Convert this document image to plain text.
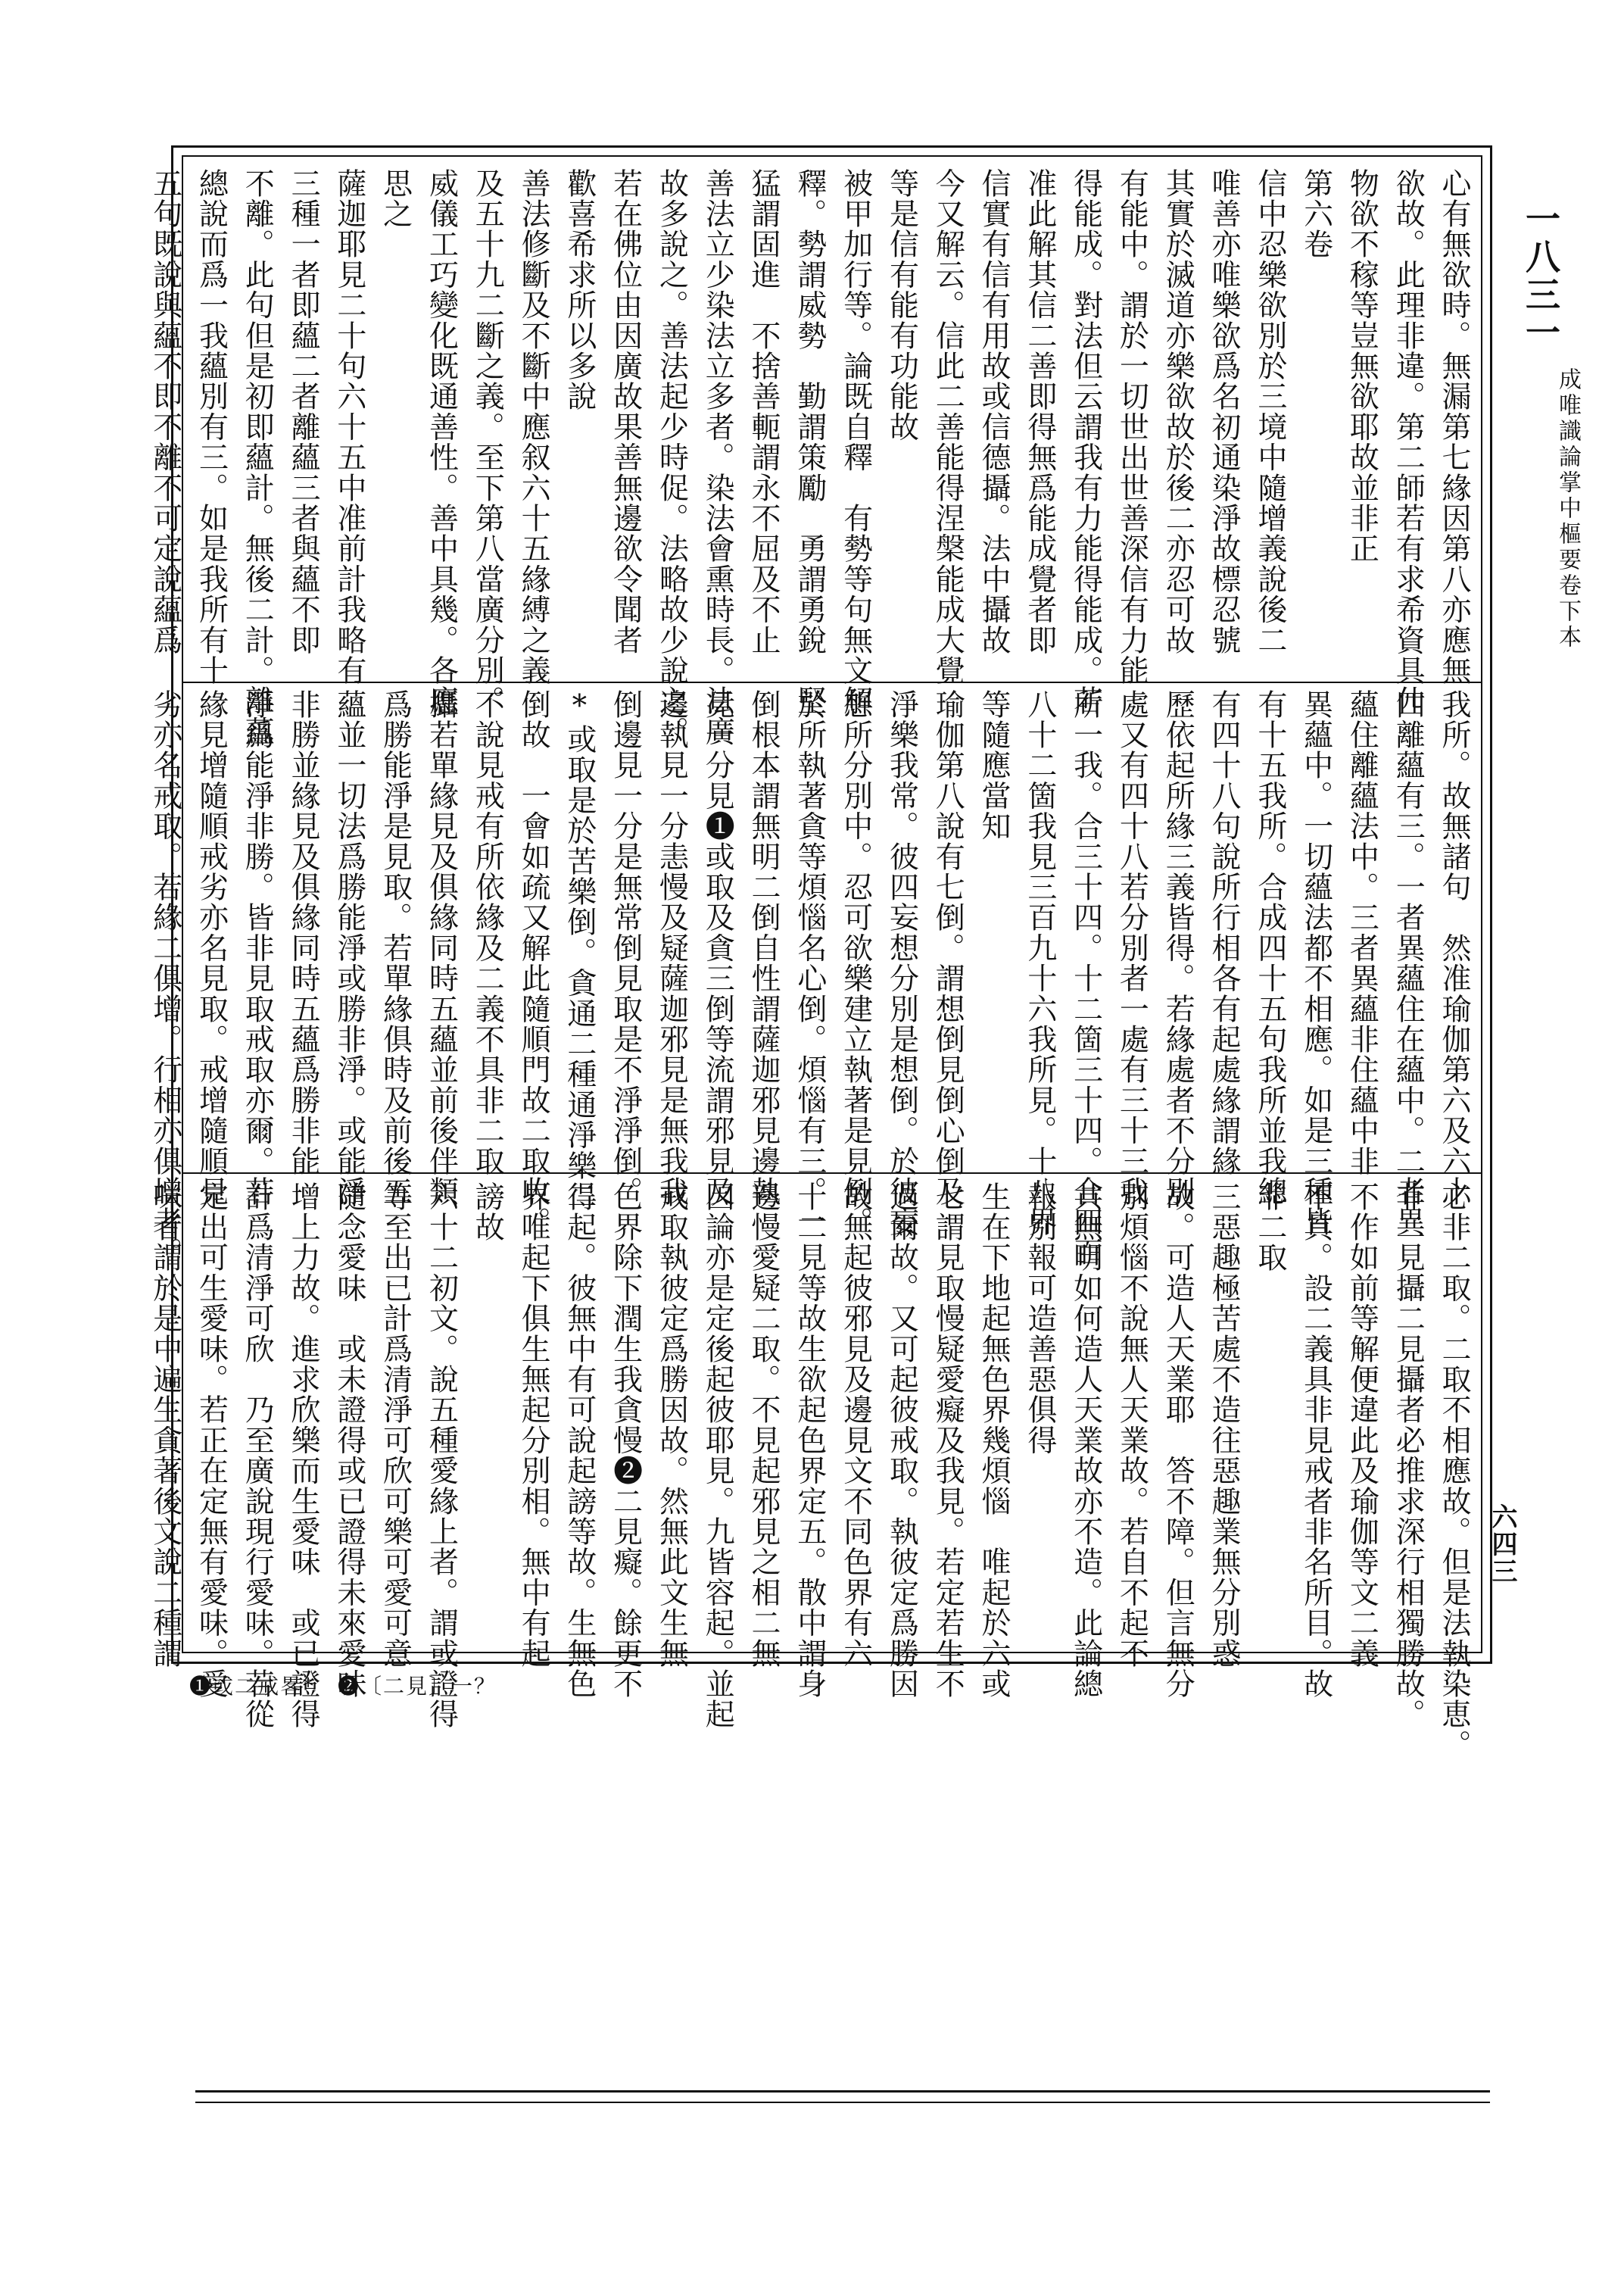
一八三一
成唯識論掌中樞要卷下本
六四三
心有無欲時。無漏第七緣因第八亦應無
欲故。此理非違。第二師若有求希資具什
物欲不稼等豈無欲耶故並非正
第六卷
信中忍樂欲別於三境中隨增義說後二
唯善亦唯樂欲爲名初通染淨故標忍號
其實於滅道亦樂欲故於後二亦忍可故
有能中。謂於一切世出世善深信有力能
得能成。對法但云謂我有力能得能成。若
准此解其信二善即得無爲能成覺者即
信實有信有用故或信德攝。法中攝故
今又解云。信此二善能得涅槃能成大覺
等是信有能有功能故
被甲加行等。論既自釋　有勢等句無文解
釋。勢謂威勢　勤謂策勵　勇謂勇銳　堅
猛謂固進　不捨善軛謂永不屈及不止
善法立少染法立多者。染法會熏時長。法廣
故多說之。善法起少時促。法略故少說之。
若在佛位由因廣故果善無邊欲令聞者
歡喜希求所以多說
善法修斷及不斷中應叙六十五緣縛之義
及五十九二斷之義。至下第八當廣分別。
威儀工巧變化既通善性。善中具幾。各應
思之
薩迦耶見二十句六十五中准前計我略有
三種一者即蘊二者離蘊三者與蘊不即
不離。此句但是初即蘊計。無後二計。離蘊
總說而爲一我蘊別有三。如是我所有十
五句既說與蘊不即不離不可定說蘊爲
我所。故無諸句　然准瑜伽第六及六十
四離蘊有三。一者異蘊住在蘊中。二者異
蘊住離蘊法中。三者異蘊非住蘊中非
異蘊中。一切蘊法都不相應。如是三種皆
有十五我所。合成四十五句我所並我總
有四十八句說所行相各有起處緣謂緣
歷依起所緣三義皆得。若緣處者不分別
處又有四十八若分別者一處有三十三我
所一我。合三十四。十二箇三十四。合四百
八十二箇我見三百九十六我所見。十八界
等隨應當知
瑜伽第八說有七倒。謂想倒見倒心倒及
淨樂我常。彼四妄想分別是想倒。於彼妄
想所分別中。忍可欲樂建立執著是見倒。
於所執著貪等煩惱名心倒。煩惱有三。一
倒根本謂無明二倒自性謂薩迦邪見邊執
見一分見❶或取及貪三倒等流謂邪見及
邊執見一分恚慢及疑薩迦邪見是無我我
倒邊見一分是無常倒見取是不淨淨倒。
*或取是於苦樂倒。貪通二種通淨樂二
倒故　一會如疏又解此隨順門故二取收。
不說見戒有所依緣及二義不具非二取
攝若單緣見及俱緣同時五蘊並前後伴類
爲勝能淨是見取。若單緣俱時及前後五
蘊並一切法爲勝能淨或勝非淨。或能淨
非勝並緣見及俱緣同時五蘊爲勝非能
淨爲能淨非勝。皆非見取戒取亦爾。若
緣見增隨順戒劣亦名見取。戒增隨順見
劣亦名戒取。若緣二俱增。行相亦俱增者。
必非二取。二取不相應故。但是法執染恵。
非二見攝二見攝者必推求深行相獨勝故。
不作如前等解便違此及瑜伽等文二義
不具。設二義具非見戒者非名所目。故
非二取
三惡趣極苦處不造往惡趣業無分別惑
故。可造人天業耶　答不障。但言無分
別煩惱不說無人天業故。若自不起不
共無明如何造人天業故亦不造。此論總
報別報可造善惡俱得
生在下地起無色界幾煩惱　唯起於六或
七謂見取慢疑愛癡及我見。若定若生不
過爾故。又可起彼戒取。執彼定爲勝因
故無起彼邪見及邊見文不同色界有六
十二見等故生欲起色界定五。散中謂身
邊慢愛疑二取。不見起邪見之相二無
因論亦是定後起彼耶見。九皆容起。並起
戒取執彼定爲勝因故。然無此文生無
色界除下潤生我貪慢❷二見癡。餘更不
得起。彼無中有可說起謗等故。生無色
界唯起下俱生無起分別相。無中有起
謗故
六十二初文。說五種愛緣上者。謂或證得
等至出已計爲清淨可欣可樂可愛可意
隨念愛味　或未證得或已證得未來愛味
增上力故。進求欣樂而生愛味　或已證得
計爲清淨可欣　乃至廣說現行愛味。若從
定出可生愛味。若正在定無有愛味。愛
味者謂於是中遍生貪著後文說二種謂
❶或二戒畧*　❷〔二見〕一？
